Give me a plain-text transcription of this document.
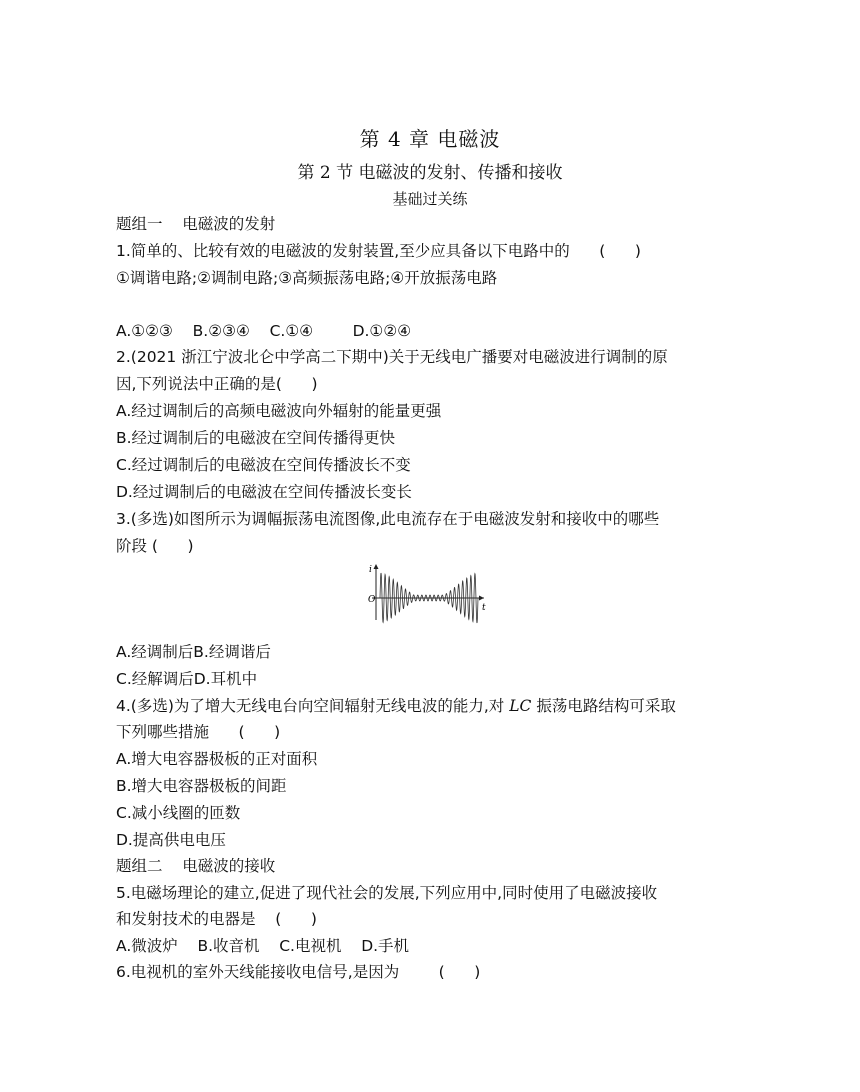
第 4 章 电磁波
第 2 节 电磁波的发射、传播和接收
基础过关练
题组一    电磁波的发射
1.简单的、比较有效的电磁波的发射装置,至少应具备以下电路中的      (      )
①调谐电路;②调制电路;③高频振荡电路;④开放振荡电路
A.①②③    B.②③④    C.①④        D.①②④
2.(2021 浙江宁波北仑中学高二下期中)关于无线电广播要对电磁波进行调制的原
因,下列说法中正确的是(      )
A.经过调制后的高频电磁波向外辐射的能量更强
B.经过调制后的电磁波在空间传播得更快
C.经过调制后的电磁波在空间传播波长不变
D.经过调制后的电磁波在空间传播波长变长
3.(多选)如图所示为调幅振荡电流图像,此电流存在于电磁波发射和接收中的哪些
阶段 (      )
i
O
t
A.经调制后B.经调谐后
C.经解调后D.耳机中
4.(多选)为了增大无线电台向空间辐射无线电波的能力,对 LC 振荡电路结构可采取
下列哪些措施      (      )
A.增大电容器极板的正对面积
B.增大电容器极板的间距
C.减小线圈的匝数
D.提高供电电压
题组二    电磁波的接收
5.电磁场理论的建立,促进了现代社会的发展,下列应用中,同时使用了电磁波接收
和发射技术的电器是    (      )
A.微波炉    B.收音机    C.电视机    D.手机
6.电视机的室外天线能接收电信号,是因为        (      )
